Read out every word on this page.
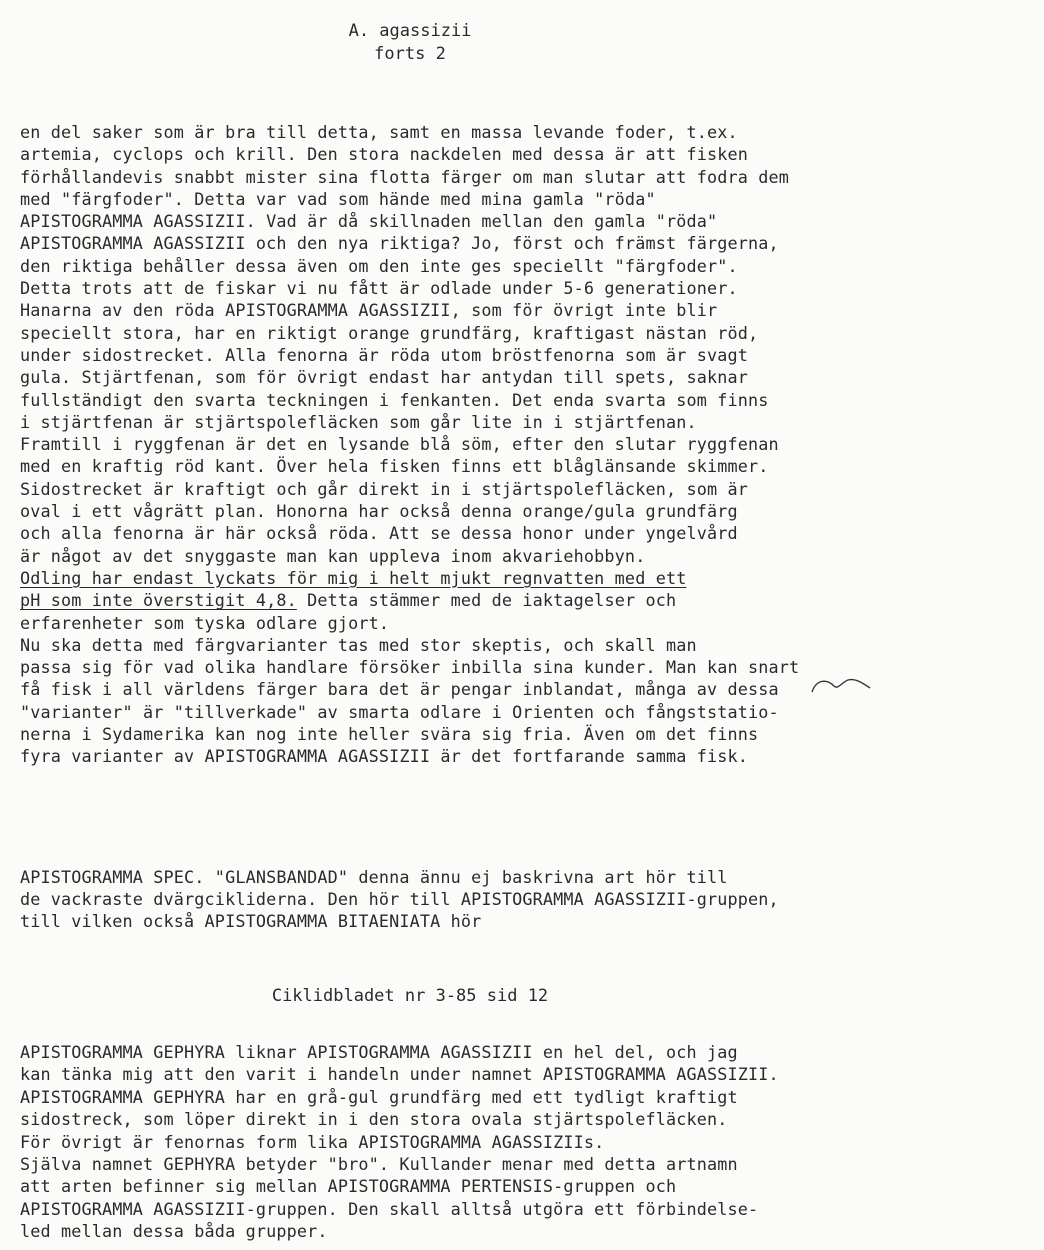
A. agassizii
forts 2
en del saker som är bra till detta, samt en massa levande foder, t.ex.
artemia, cyclops och krill. Den stora nackdelen med dessa är att fisken
förhållandevis snabbt mister sina flotta färger om man slutar att fodra dem
med "färgfoder". Detta var vad som hände med mina gamla "röda"
APISTOGRAMMA AGASSIZII. Vad är då skillnaden mellan den gamla "röda"
APISTOGRAMMA AGASSIZII och den nya riktiga? Jo, först och främst färgerna,
den riktiga behåller dessa även om den inte ges speciellt "färgfoder".
Detta trots att de fiskar vi nu fått är odlade under 5-6 generationer.
Hanarna av den röda APISTOGRAMMA AGASSIZII, som för övrigt inte blir
speciellt stora, har en riktigt orange grundfärg, kraftigast nästan röd,
under sidostrecket. Alla fenorna är röda utom bröstfenorna som är svagt
gula. Stjärtfenan, som för övrigt endast har antydan till spets, saknar
fullständigt den svarta teckningen i fenkanten. Det enda svarta som finns
i stjärtfenan är stjärtspolefläcken som går lite in i stjärtfenan.
Framtill i ryggfenan är det en lysande blå söm, efter den slutar ryggfenan
med en kraftig röd kant. Över hela fisken finns ett blåglänsande skimmer.
Sidostrecket är kraftigt och går direkt in i stjärtspolefläcken, som är
oval i ett vågrätt plan. Honorna har också denna orange/gula grundfärg
och alla fenorna är här också röda. Att se dessa honor under yngelvård
är något av det snyggaste man kan uppleva inom akvariehobbyn.
Odling har endast lyckats för mig i helt mjukt regnvatten med ett
pH som inte överstigit 4,8. Detta stämmer med de iaktagelser och
erfarenheter som tyska odlare gjort.
Nu ska detta med färgvarianter tas med stor skeptis, och skall man
passa sig för vad olika handlare försöker inbilla sina kunder. Man kan snart
få fisk i all världens färger bara det är pengar inblandat, många av dessa
"varianter" är "tillverkade" av smarta odlare i Orienten och fångststatio-
nerna i Sydamerika kan nog inte heller svära sig fria. Även om det finns
fyra varianter av APISTOGRAMMA AGASSIZII är det fortfarande samma fisk.
APISTOGRAMMA SPEC. "GLANSBANDAD" denna ännu ej baskrivna art hör till
de vackraste dvärgcikliderna. Den hör till APISTOGRAMMA AGASSIZII-gruppen,
till vilken också APISTOGRAMMA BITAENIATA hör
Ciklidbladet nr 3-85 sid 12
APISTOGRAMMA GEPHYRA liknar APISTOGRAMMA AGASSIZII en hel del, och jag
kan tänka mig att den varit i handeln under namnet APISTOGRAMMA AGASSIZII.
APISTOGRAMMA GEPHYRA har en grå-gul grundfärg med ett tydligt kraftigt
sidostreck, som löper direkt in i den stora ovala stjärtspolefläcken.
För övrigt är fenornas form lika APISTOGRAMMA AGASSIZIIs.
Själva namnet GEPHYRA betyder "bro". Kullander menar med detta artnamn
att arten befinner sig mellan APISTOGRAMMA PERTENSIS-gruppen och
APISTOGRAMMA AGASSIZII-gruppen. Den skall alltså utgöra ett förbindelse-
led mellan dessa båda grupper.
